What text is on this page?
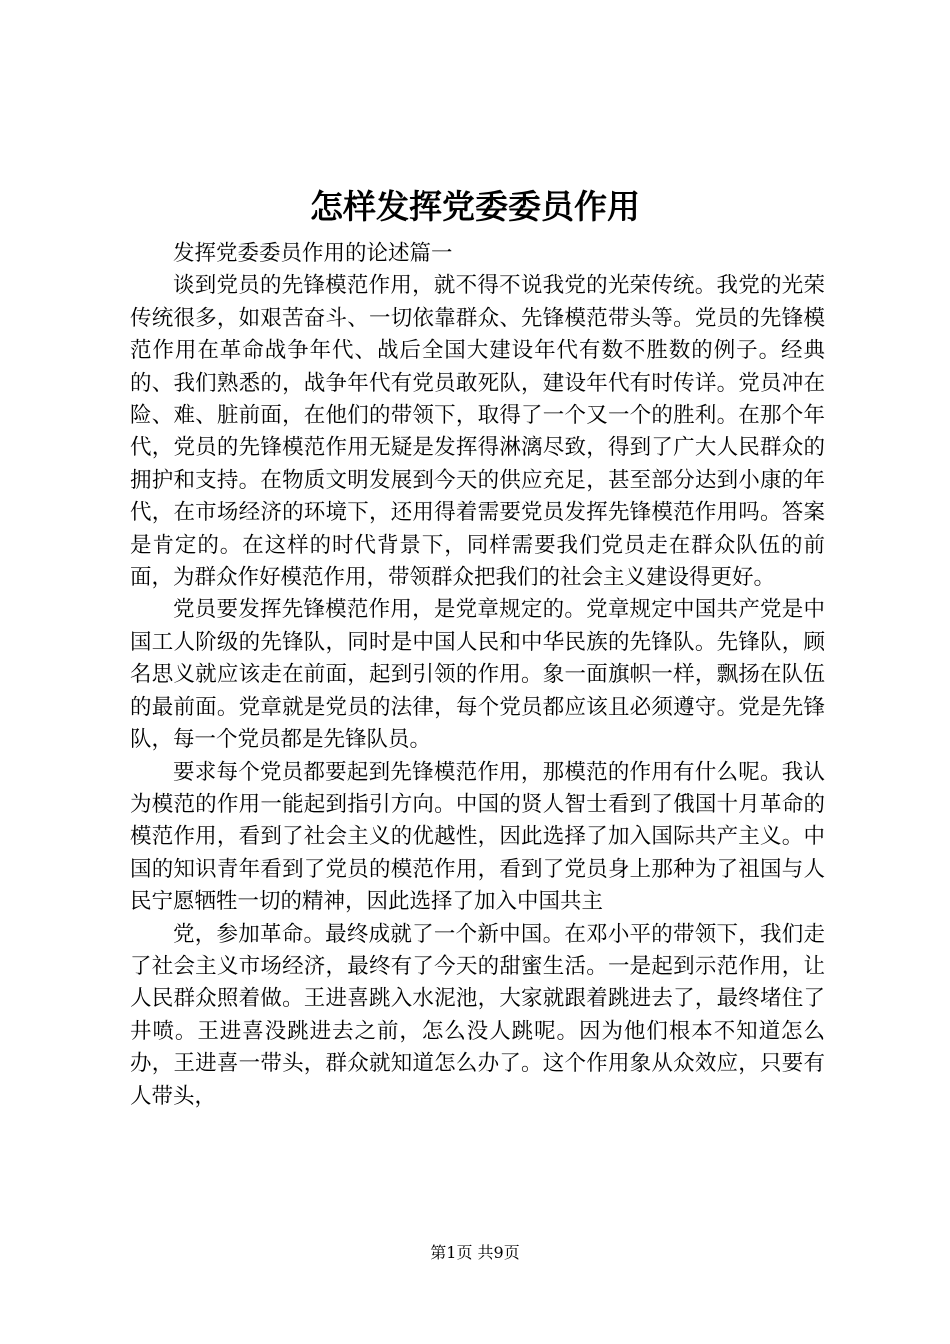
怎样发挥党委委员作用

发挥党委委员作用的论述篇一

谈到党员的先锋模范作用，就不得不说我党的光荣传统。我党的光荣传统很多，如艰苦奋斗、一切依靠群众、先锋模范带头等。党员的先锋模范作用在革命战争年代、战后全国大建设年代有数不胜数的例子。经典的、我们熟悉的，战争年代有党员敢死队，建设年代有时传详。党员冲在险、难、脏前面，在他们的带领下，取得了一个又一个的胜利。在那个年代，党员的先锋模范作用无疑是发挥得淋漓尽致，得到了广大人民群众的拥护和支持。在物质文明发展到今天的供应充足，甚至部分达到小康的年代，在市场经济的环境下，还用得着需要党员发挥先锋模范作用吗。答案是肯定的。在这样的时代背景下，同样需要我们党员走在群众队伍的前面，为群众作好模范作用，带领群众把我们的社会主义建设得更好。

党员要发挥先锋模范作用，是党章规定的。党章规定中国共产党是中国工人阶级的先锋队，同时是中国人民和中华民族的先锋队。先锋队，顾名思义就应该走在前面，起到引领的作用。象一面旗帜一样，飘扬在队伍的最前面。党章就是党员的法律，每个党员都应该且必须遵守。党是先锋队，每一个党员都是先锋队员。

要求每个党员都要起到先锋模范作用，那模范的作用有什么呢。我认为模范的作用一能起到指引方向。中国的贤人智士看到了俄国十月革命的模范作用，看到了社会主义的优越性，因此选择了加入国际共产主义。中国的知识青年看到了党员的模范作用，看到了党员身上那种为了祖国与人民宁愿牺牲一切的精神，因此选择了加入中国共主

党，参加革命。最终成就了一个新中国。在邓小平的带领下，我们走了社会主义市场经济，最终有了今天的甜蜜生活。一是起到示范作用，让人民群众照着做。王进喜跳入水泥池，大家就跟着跳进去了，最终堵住了井喷。王进喜没跳进去之前，怎么没人跳呢。因为他们根本不知道怎么办，王进喜一带头，群众就知道怎么办了。这个作用象从众效应，只要有人带头，

第1页 共9页
